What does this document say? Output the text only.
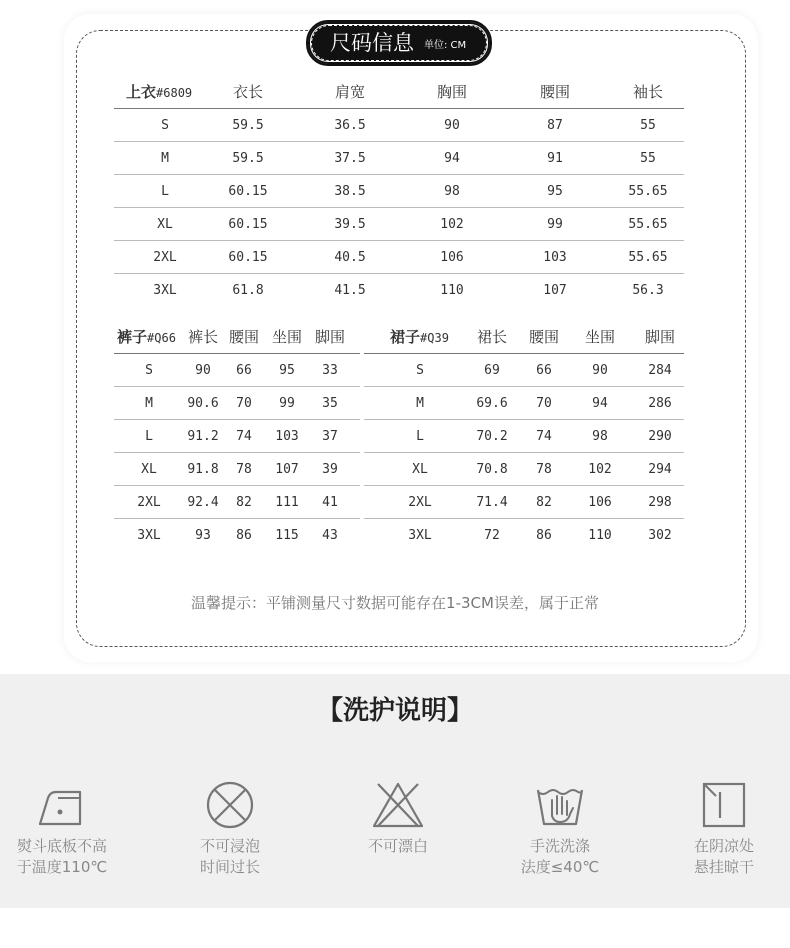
尺码信息 单位: CM
上衣#6809	衣长	肩宽	胸围	腰围	袖长
S	59.5	36.5	90	87	55
M	59.5	37.5	94	91	55
L	60.15	38.5	98	95	55.65
XL	60.15	39.5	102	99	55.65
2XL	60.15	40.5	106	103	55.65
3XL	61.8	41.5	110	107	56.3
裤子#Q66 裤长 腰围 坐围 脚围
S	90	66	95	33
M	90.6	70	99	35
L	91.2	74	103	37
XL	91.8	78	107	39
2XL	92.4	82	111	41
3XL	93	86	115	43
裙子#Q39	裙长	腰围	坐围	脚围
S	69	66	90	284
M	69.6	70	94	286
L	70.2	74	98	290
XL	70.8	78	102	294
2XL	71.4	82	106	298
3XL	72	86	110	302
温馨提示：平铺测量尺寸数据可能存在1-3CM误差，属于正常
【洗护说明】
熨斗底板不高
于温度110℃
不可浸泡
时间过长
不可漂白	手洗洗涤
法度≤40℃
在阴凉处
悬挂晾干
